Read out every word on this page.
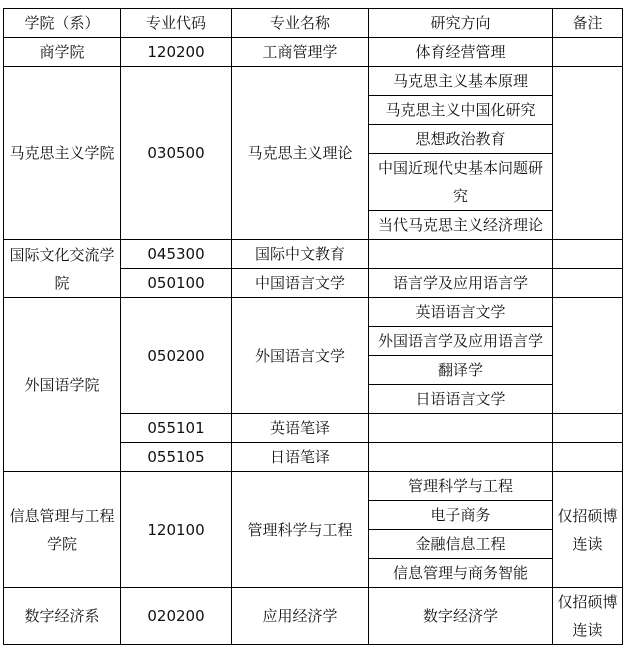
学院（系）	专业代码	专业名称	研究方向	备注
商学院	120200	工商管理学	体育经营管理	
马克思主义学院	030500	马克思主义理论	马克思主义基本原理	
			马克思主义中国化研究	
			思想政治教育	
			中国近现代史基本问题研究	
			当代马克思主义经济理论	
国际文化交流学院	045300	国际中文教育		
	050100	中国语言文学	语言学及应用语言学	
外国语学院	050200	外国语言文学	英语语言文学	
			外国语言学及应用语言学	
			翻译学	
			日语语言文学	
	055101	英语笔译		
	055105	日语笔译		
信息管理与工程学院	120100	管理科学与工程	管理科学与工程	仅招硕博连读
			电子商务	
			金融信息工程	
			信息管理与商务智能	
数字经济系	020200	应用经济学	数字经济学	仅招硕博连读
